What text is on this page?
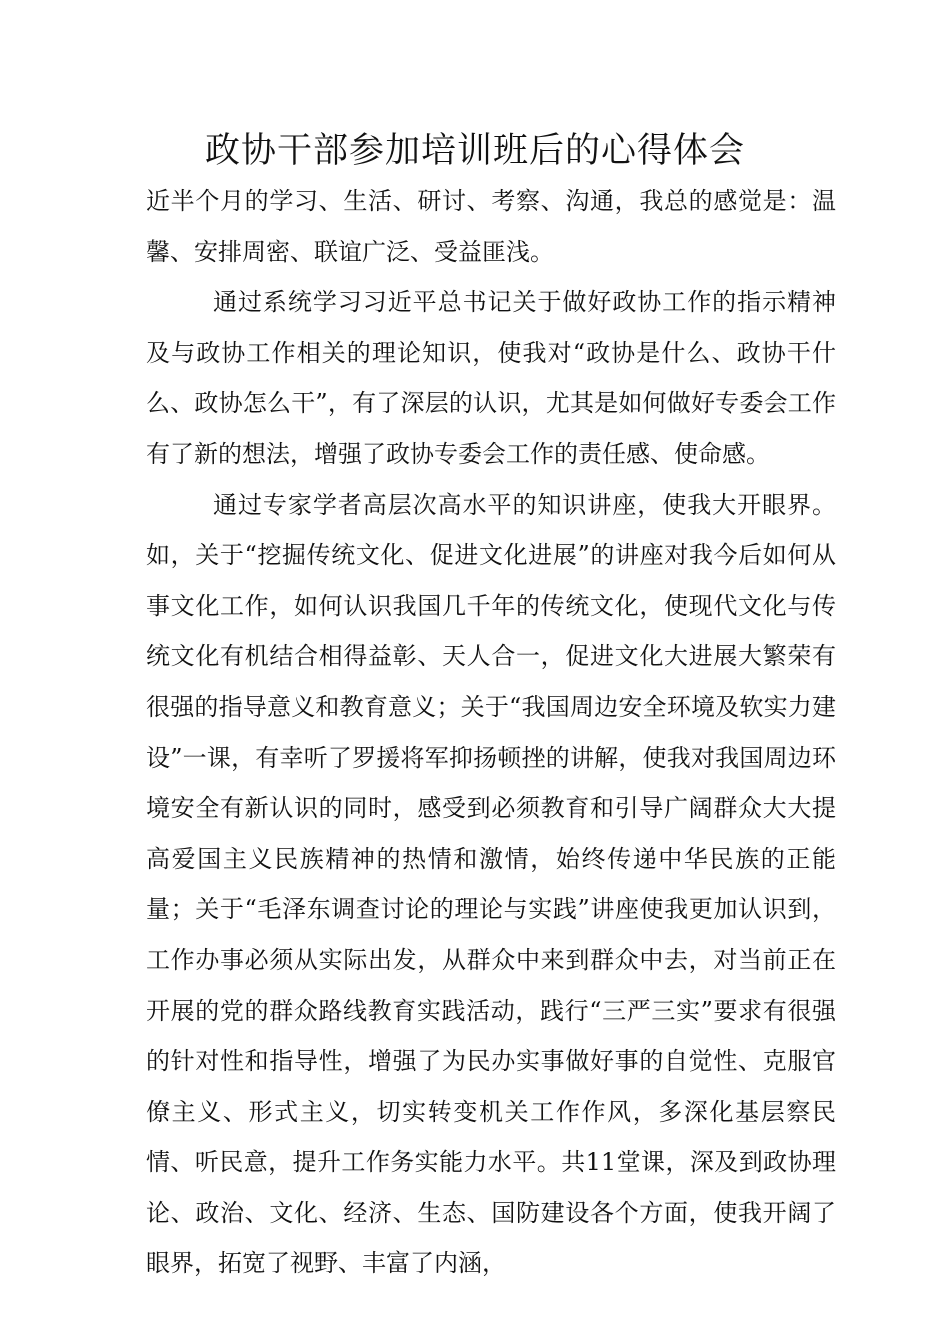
政协干部参加培训班后的心得体会

近半个月的学习、生活、研讨、考察、沟通，我总的感觉是：温馨、安排周密、联谊广泛、受益匪浅。

通过系统学习习近平总书记关于做好政协工作的指示精神及与政协工作相关的理论知识，使我对“政协是什么、政协干什么、政协怎么干”，有了深层的认识，尤其是如何做好专委会工作有了新的想法，增强了政协专委会工作的责任感、使命感。

通过专家学者高层次高水平的知识讲座，使我大开眼界。如，关于“挖掘传统文化、促进文化进展”的讲座对我今后如何从事文化工作，如何认识我国几千年的传统文化，使现代文化与传统文化有机结合相得益彰、天人合一，促进文化大进展大繁荣有很强的指导意义和教育意义；关于“我国周边安全环境及软实力建设”一课，有幸听了罗援将军抑扬顿挫的讲解，使我对我国周边环境安全有新认识的同时，感受到必须教育和引导广阔群众大大提高爱国主义民族精神的热情和激情，始终传递中华民族的正能量；关于“毛泽东调查讨论的理论与实践”讲座使我更加认识到，工作办事必须从实际出发，从群众中来到群众中去，对当前正在开展的党的群众路线教育实践活动，践行“三严三实”要求有很强的针对性和指导性，增强了为民办实事做好事的自觉性、克服官僚主义、形式主义，切实转变机关工作作风，多深化基层察民情、听民意，提升工作务实能力水平。共11堂课，深及到政协理论、政治、文化、经济、生态、国防建设各个方面，使我开阔了眼界，拓宽了视野、丰富了内涵，
